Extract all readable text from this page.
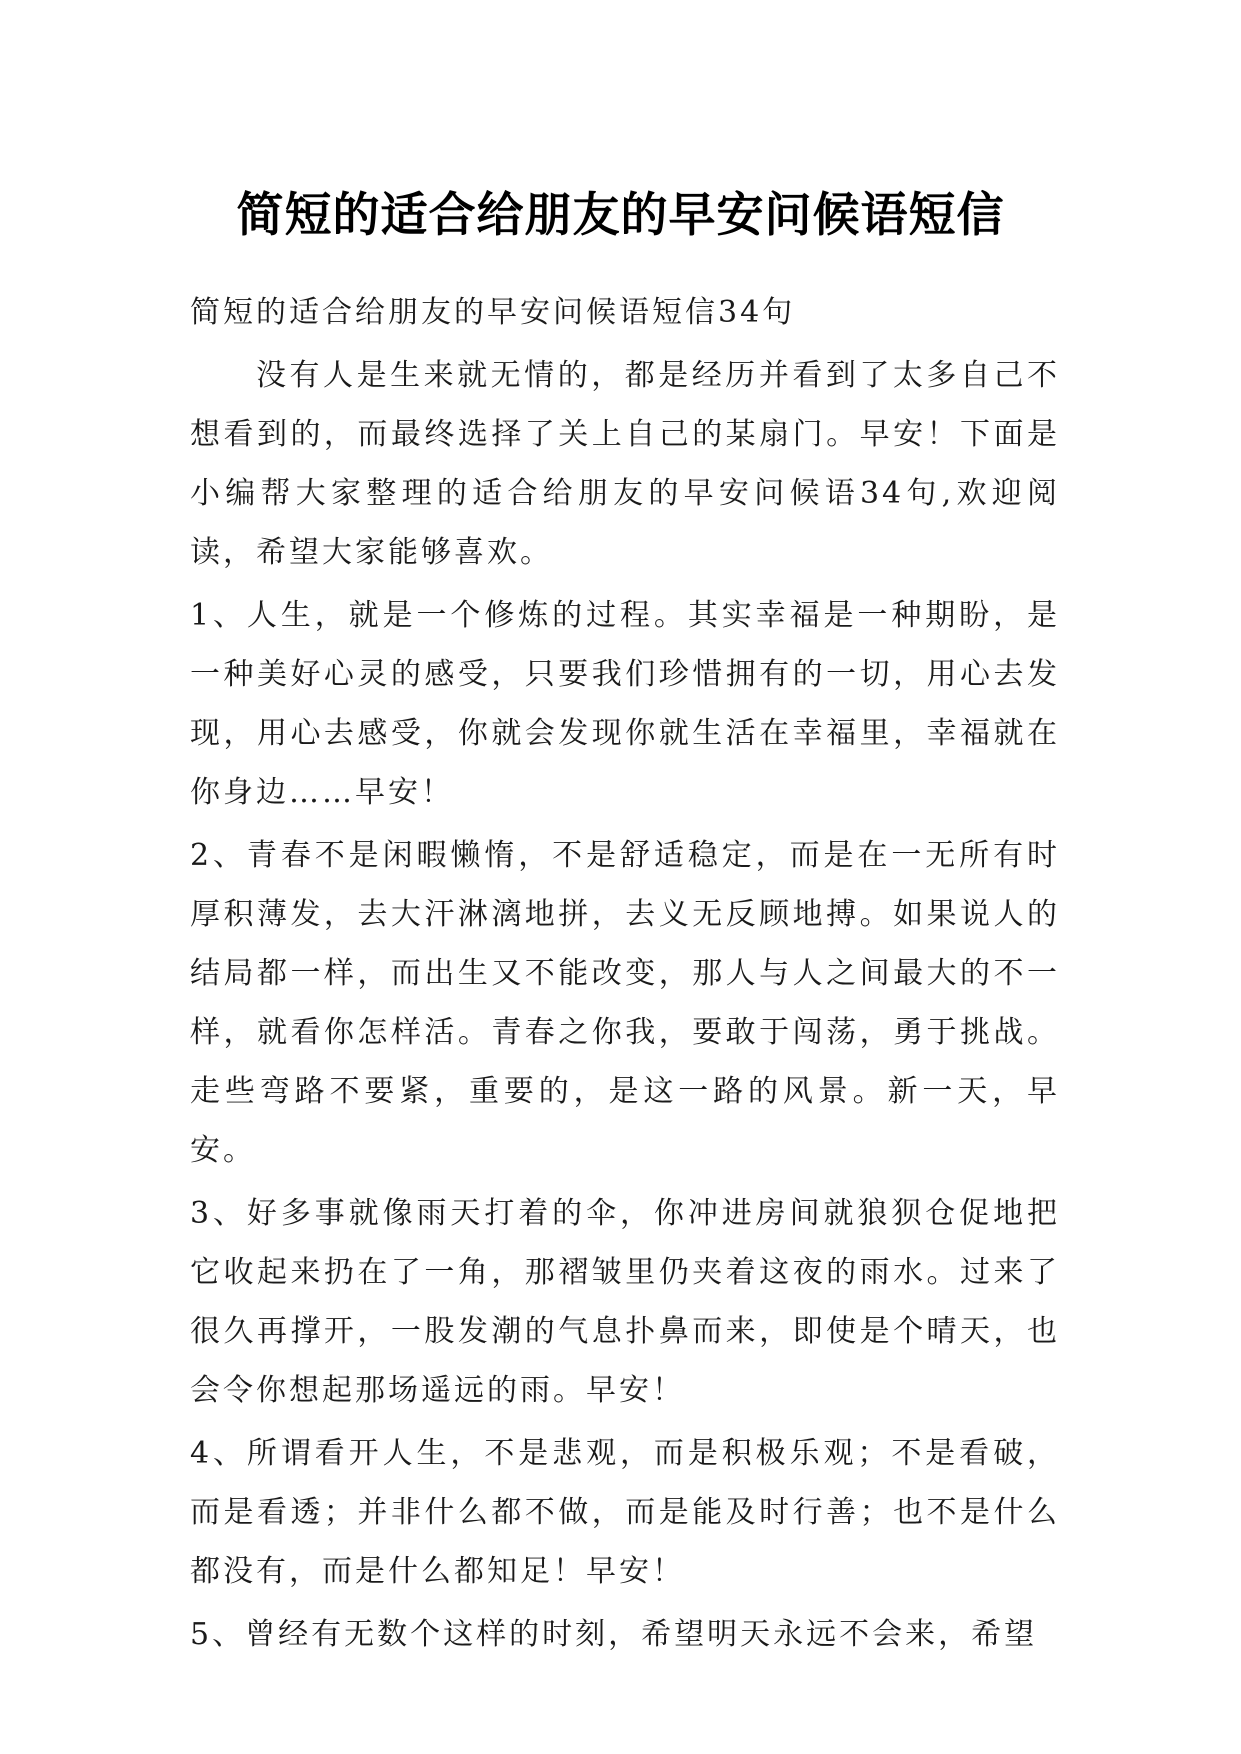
简短的适合给朋友的早安问候语短信

简短的适合给朋友的早安问候语短信34句

没有人是生来就无情的，都是经历并看到了太多自己不想看到的，而最终选择了关上自己的某扇门。早安！下面是小编帮大家整理的适合给朋友的早安问候语34句,欢迎阅读，希望大家能够喜欢。

1、人生，就是一个修炼的过程。其实幸福是一种期盼，是一种美好心灵的感受，只要我们珍惜拥有的一切，用心去发现，用心去感受，你就会发现你就生活在幸福里，幸福就在你身边……早安！

2、青春不是闲暇懒惰，不是舒适稳定，而是在一无所有时厚积薄发，去大汗淋漓地拼，去义无反顾地搏。如果说人的结局都一样，而出生又不能改变，那人与人之间最大的不一样，就看你怎样活。青春之你我，要敢于闯荡，勇于挑战。走些弯路不要紧，重要的，是这一路的风景。新一天，早安。

3、好多事就像雨天打着的伞，你冲进房间就狼狈仓促地把它收起来扔在了一角，那褶皱里仍夹着这夜的雨水。过来了很久再撑开，一股发潮的气息扑鼻而来，即使是个晴天，也会令你想起那场遥远的雨。早安！

4、所谓看开人生，不是悲观，而是积极乐观；不是看破，而是看透；并非什么都不做，而是能及时行善；也不是什么都没有，而是什么都知足！早安！

5、曾经有无数个这样的时刻，希望明天永远不会来，希望
